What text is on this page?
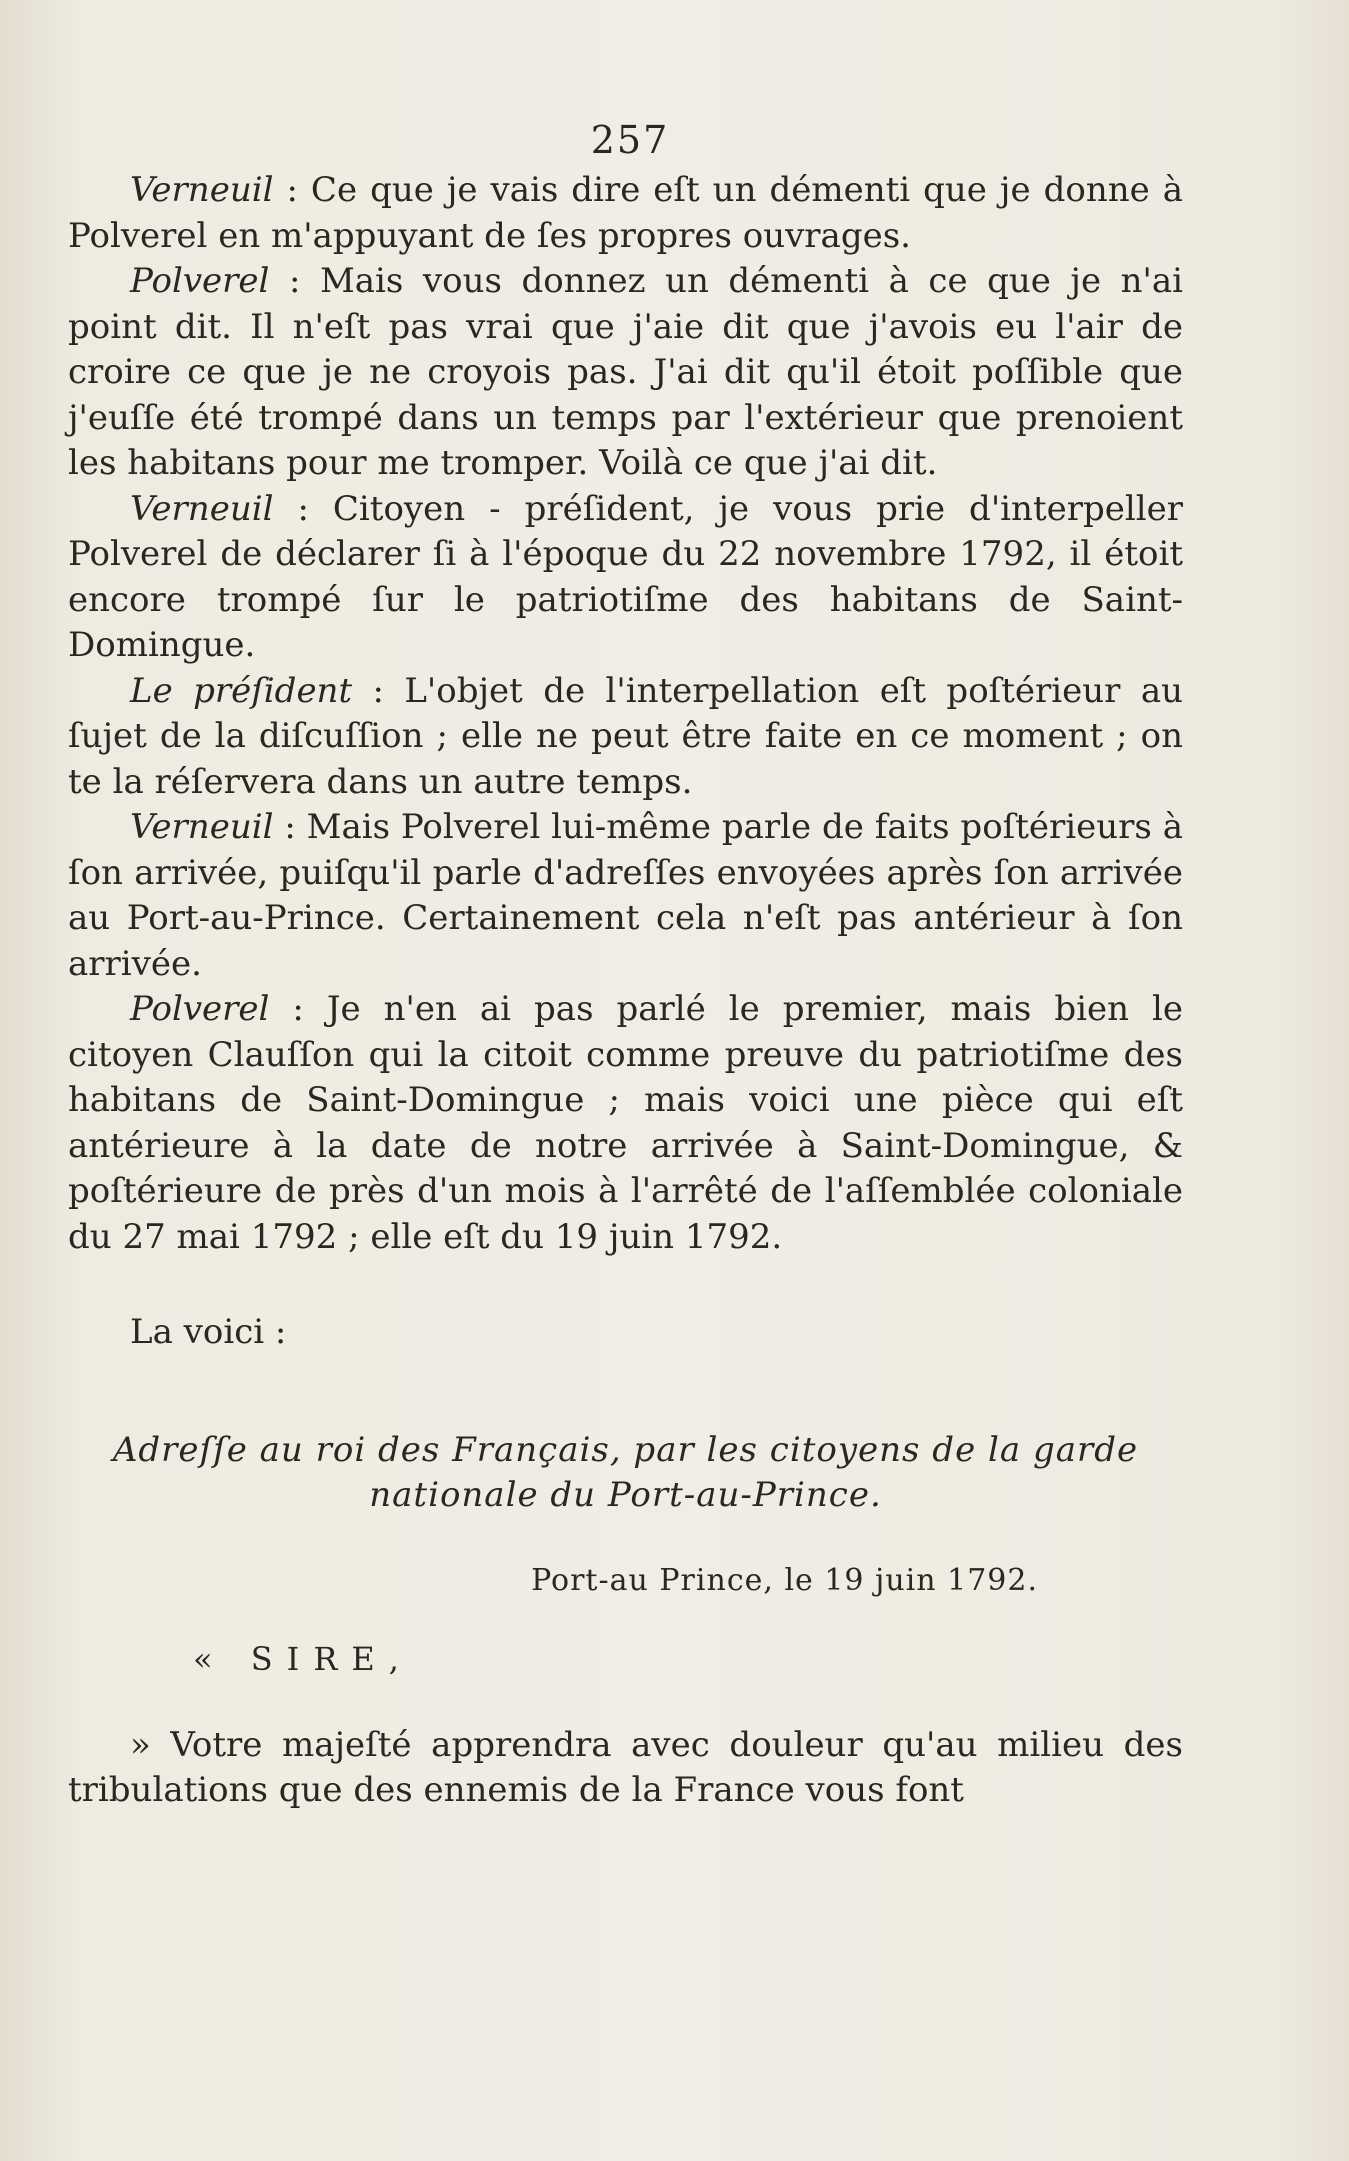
257

Verneuil : Ce que je vais dire eſt un démenti que je donne à Polverel en m'appuyant de ſes propres ouvrages.

Polverel : Mais vous donnez un démenti à ce que je n'ai point dit. Il n'eſt pas vrai que j'aie dit que j'avois eu l'air de croire ce que je ne croyois pas. J'ai dit qu'il étoit poſſible que j'euſſe été trompé dans un temps par l'extérieur que prenoient les habitans pour me tromper. Voilà ce que j'ai dit.

Verneuil : Citoyen - préſident, je vous prie d'interpeller Polverel de déclarer ſi à l'époque du 22 novembre 1792, il étoit encore trompé ſur le patriotiſme des habitans de Saint-Domingue.

Le préſident : L'objet de l'interpellation eſt poſtérieur au ſujet de la diſcuſſion ; elle ne peut être faite en ce moment ; on te la réſervera dans un autre temps.

Verneuil : Mais Polverel lui-même parle de faits poſtérieurs à ſon arrivée, puiſqu'il parle d'adreſſes envoyées après ſon arrivée au Port-au-Prince. Certainement cela n'eſt pas antérieur à ſon arrivée.

Polverel : Je n'en ai pas parlé le premier, mais bien le citoyen Clauſſon qui la citoit comme preuve du patriotiſme des habitans de Saint-Domingue ; mais voici une pièce qui eſt antérieure à la date de notre arrivée à Saint-Domingue, & poſtérieure de près d'un mois à l'arrêté de l'aſſemblée coloniale du 27 mai 1792 ; elle eſt du 19 juin 1792.

La voici :

Adreſſe au roi des Français, par les citoyens de la garde
nationale du Port-au-Prince.

Port-au Prince, le 19 juin 1792.

« SIRE,

» Votre majeſté apprendra avec douleur qu'au milieu des tribulations que des ennemis de la France vous font
